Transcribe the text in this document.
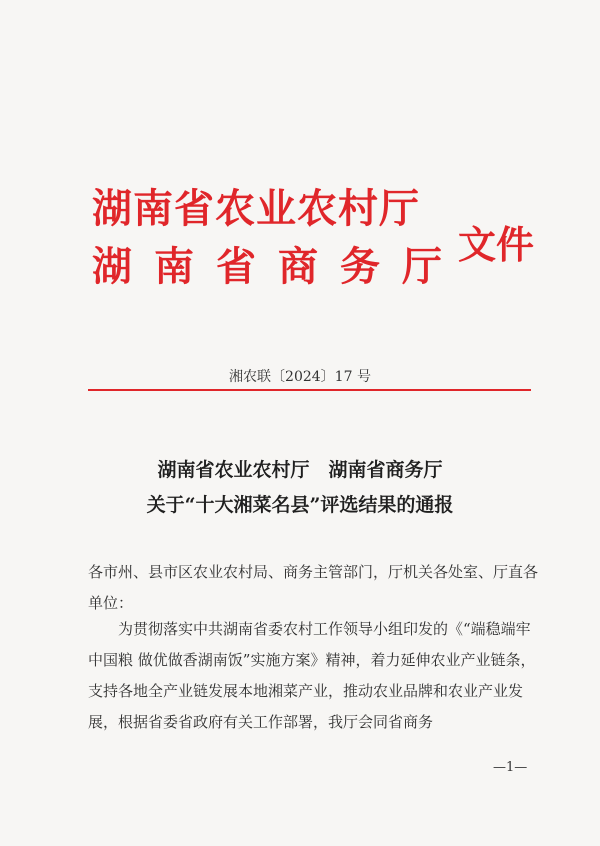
湖南省农业农村厅
湖南省商务厅
文件
湘农联〔2024〕17 号
湖南省农业农村厅　湖南省商务厅
关于“十大湘菜名县”评选结果的通报
各市州、县市区农业农村局、商务主管部门，厅机关各处室、厅直各单位：
为贯彻落实中共湖南省委农村工作领导小组印发的《“端稳端牢中国粮 做优做香湖南饭”实施方案》精神，着力延伸农业产业链条，支持各地全产业链发展本地湘菜产业，推动农业品牌和农业产业发展，根据省委省政府有关工作部署，我厅会同省商务
—1—
